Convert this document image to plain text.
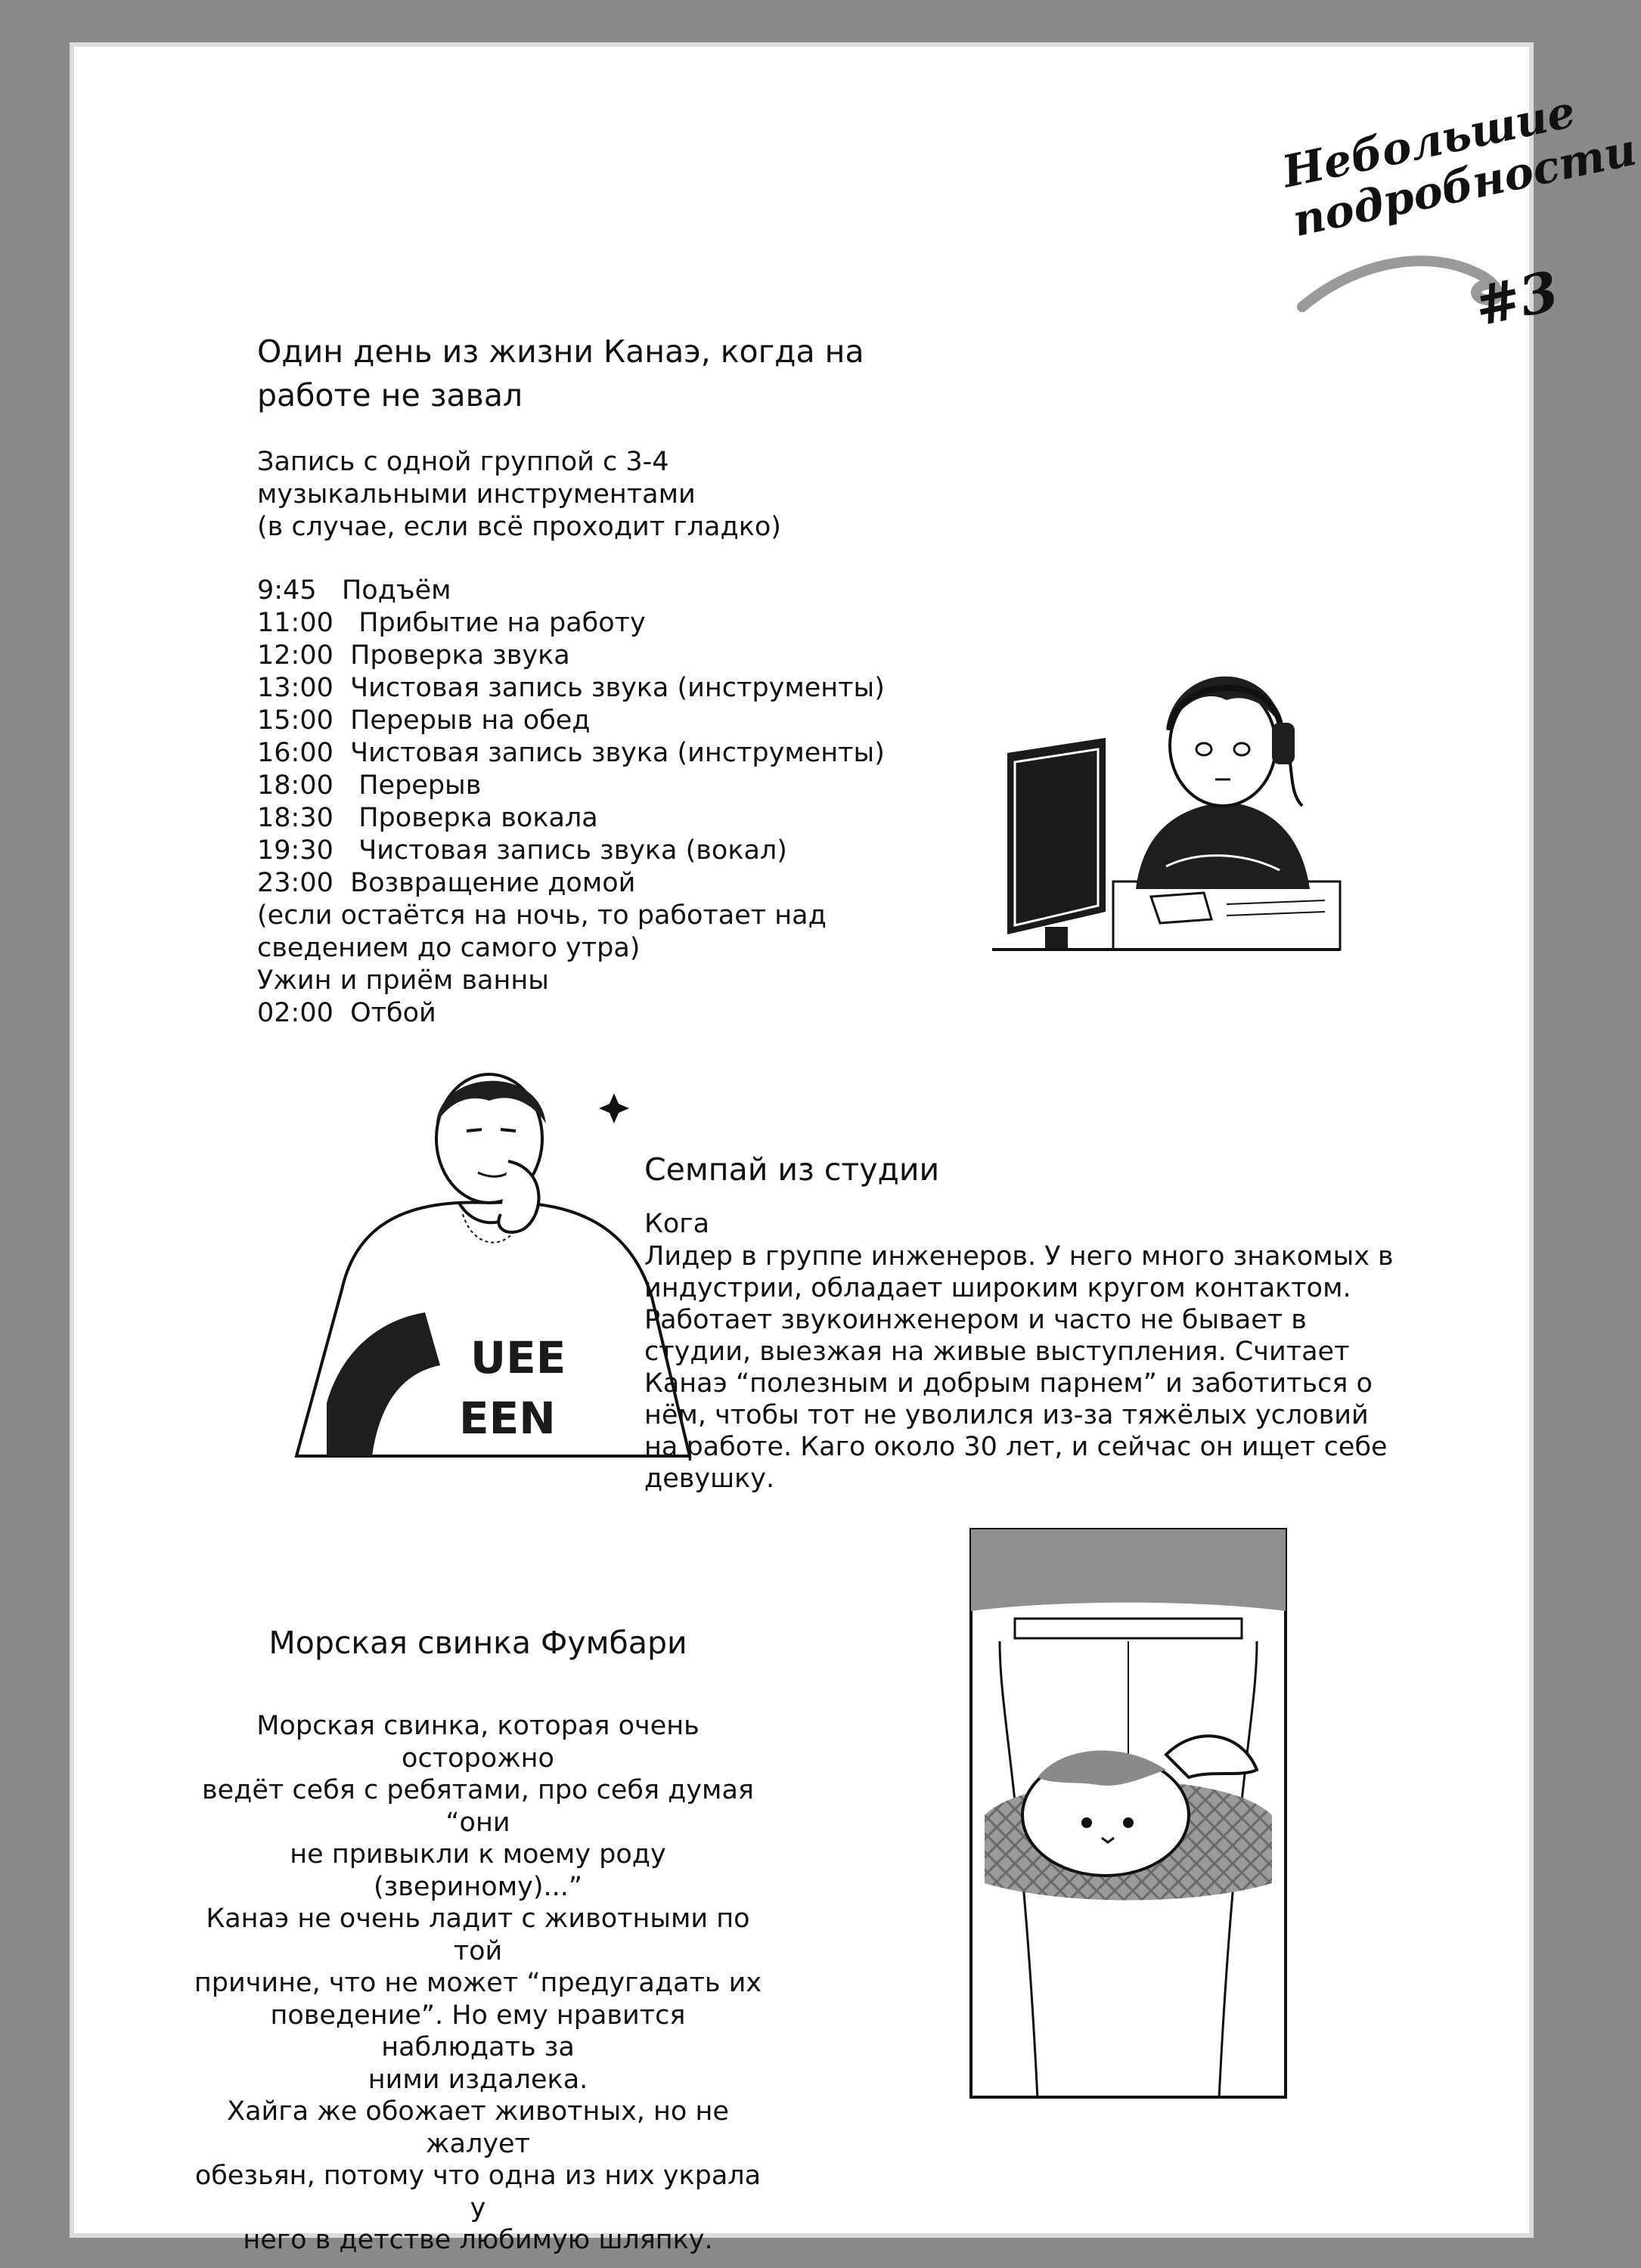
Небольшие
подробности
#3
Один день из жизни Канаэ, когда на
работе не завал
Запись с одной группой с 3-4
музыкальными инструментами
(в случае, если всё проходит гладко)
9:45   Подъём
11:00   Прибытие на работу
12:00  Проверка звука
13:00  Чистовая запись звука (инструменты)
15:00  Перерыв на обед
16:00  Чистовая запись звука (инструменты)
18:00   Перерыв
18:30   Проверка вокала
19:30   Чистовая запись звука (вокал)
23:00  Возвращение домой
(если остаётся на ночь, то работает над
сведением до самого утра)
Ужин и приём ванны
02:00  Отбой
UEE
EEN
Семпай из студии
Кога
Лидер в группе инженеров. У него много знакомых в
индустрии, обладает широким кругом контактом.
Работает звукоинженером и часто не бывает в
студии, выезжая на живые выступления. Считает
Канаэ “полезным и добрым парнем” и заботиться о
нём, чтобы тот не уволился из-за тяжёлых условий
на работе. Каго около 30 лет, и сейчас он ищет себе
девушку.
Морская свинка Фумбари
Морская свинка, которая очень осторожно
ведёт себя с ребятами, про себя думая “они
не привыкли к моему роду (звериному)...”
Канаэ не очень ладит с животными по той
причине, что не может “предугадать их
поведение”. Но ему нравится наблюдать за
ними издалека.
Хайга же обожает животных, но не жалует
обезьян, потому что одна из них украла у
него в детстве любимую шляпку.
